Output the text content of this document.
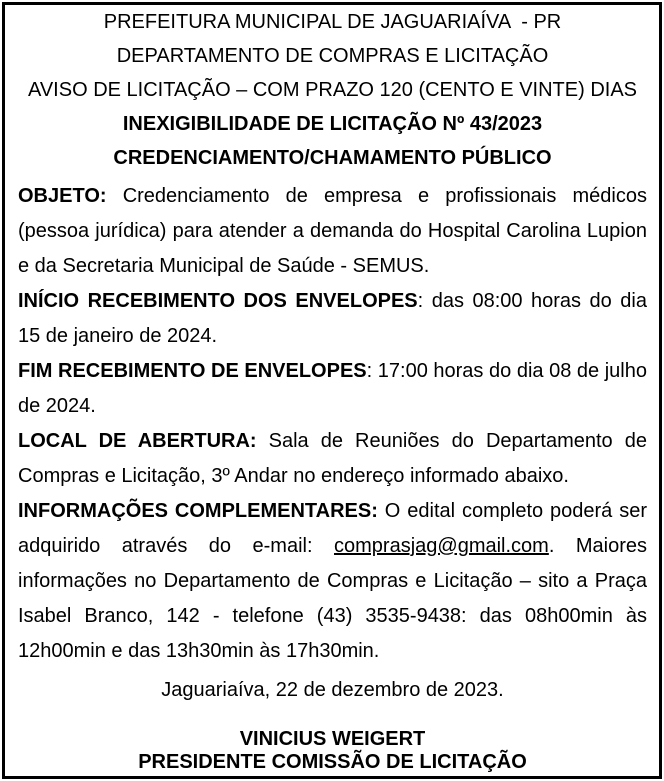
PREFEITURA MUNICIPAL DE JAGUARIAÍVA  - PR
DEPARTAMENTO DE COMPRAS E LICITAÇÃO
AVISO DE LICITAÇÃO – COM PRAZO 120 (CENTO E VINTE) DIAS
INEXIGIBILIDADE DE LICITAÇÃO Nº 43/2023
CREDENCIAMENTO/CHAMAMENTO PÚBLICO

OBJETO: Credenciamento de empresa e profissionais médicos (pessoa jurídica) para atender a demanda do Hospital Carolina Lupion e da Secretaria Municipal de Saúde - SEMUS.

INÍCIO RECEBIMENTO DOS ENVELOPES: das 08:00 horas do dia 15 de janeiro de 2024.

FIM RECEBIMENTO DE ENVELOPES: 17:00 horas do dia 08 de julho de 2024.

LOCAL DE ABERTURA: Sala de Reuniões do Departamento de Compras e Licitação, 3º Andar no endereço informado abaixo.

INFORMAÇÕES COMPLEMENTARES: O edital completo poderá ser adquirido através do e-mail: comprasjag@gmail.com. Maiores informações no Departamento de Compras e Licitação – sito a Praça Isabel Branco, 142 - telefone (43) 3535-9438: das 08h00min às 12h00min e das 13h30min às 17h30min.

Jaguariaíva, 22 de dezembro de 2023.
VINICIUS WEIGERT
PRESIDENTE COMISSÃO DE LICITAÇÃO
